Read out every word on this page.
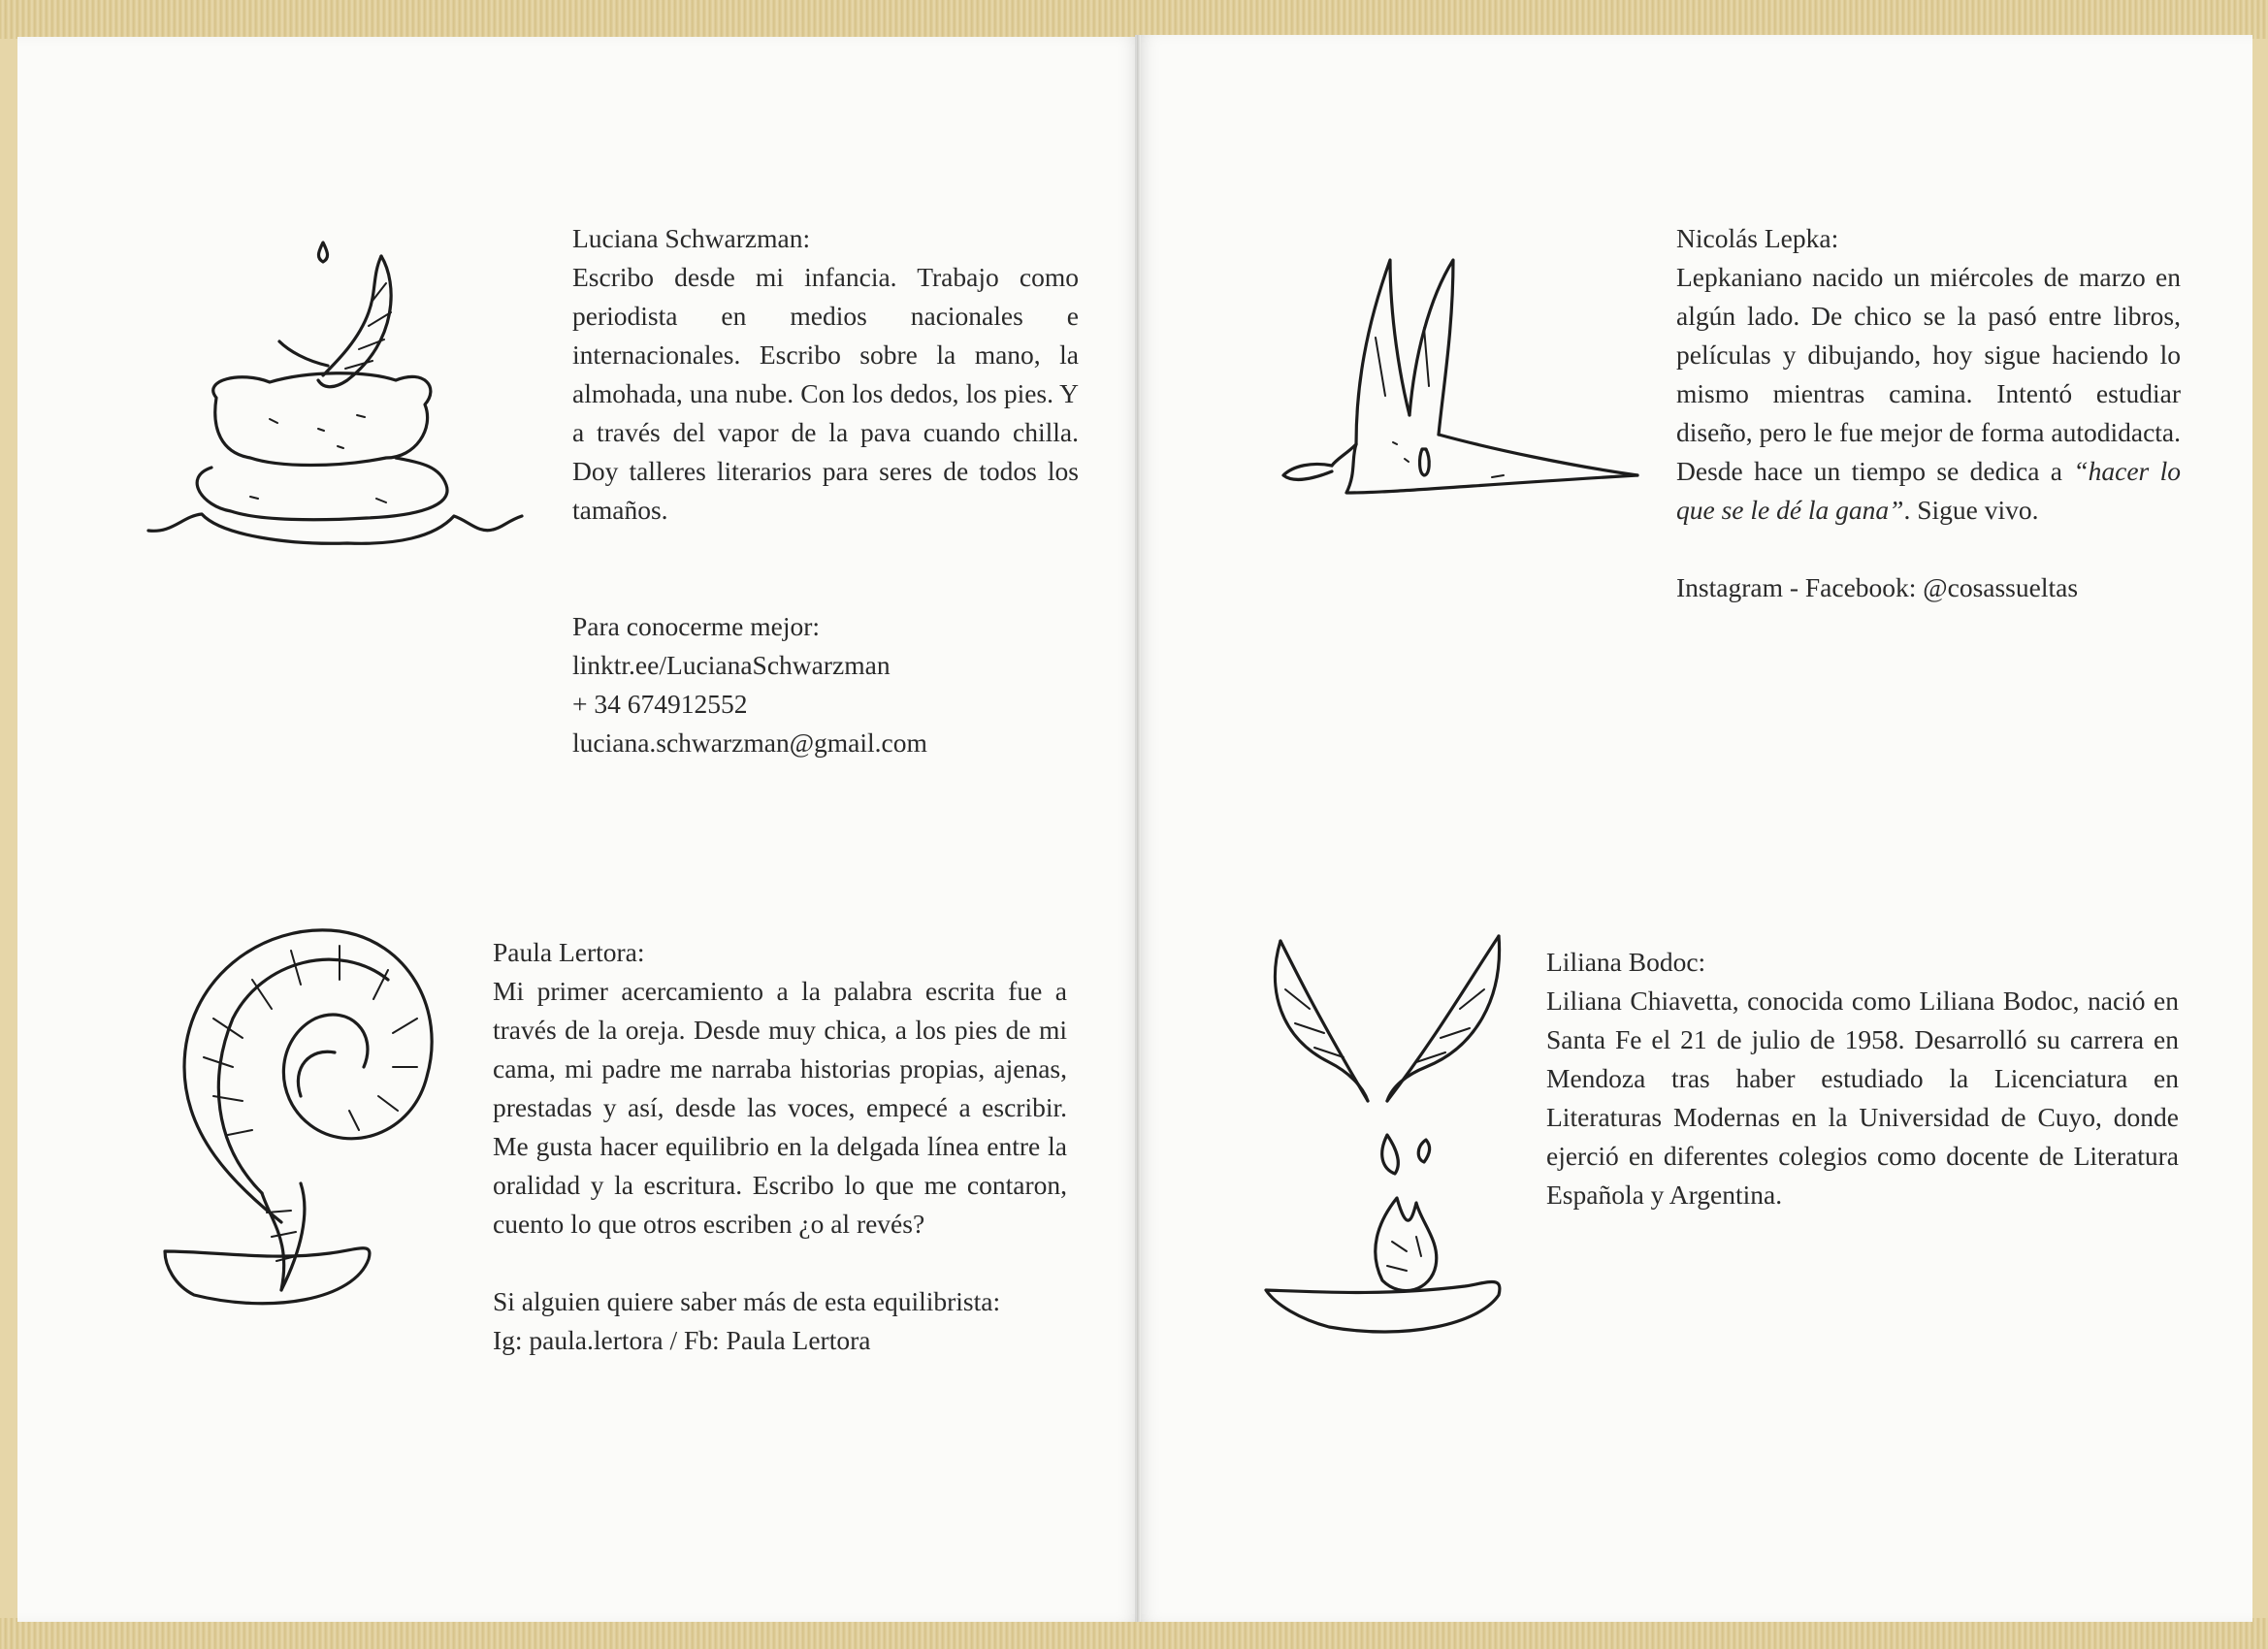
Luciana Schwarzman:

Escribo desde mi infancia. Trabajo como periodista en medios nacionales e internacionales. Escribo sobre la mano, la almohada, una nube. Con los dedos, los pies. Y a través del vapor de la pava cuando chilla. Doy talleres literarios para seres de todos los tamaños.

Para conocerme mejor:
linktr.ee/LucianaSchwarzman
+ 34 674912552
luciana.schwarzman@gmail.com
Paula Lertora:

Mi primer acercamiento a la palabra escrita fue a través de la oreja. Desde muy chica, a los pies de mi cama, mi padre me narraba historias propias, ajenas, prestadas y así, desde las voces, empecé a escribir. Me gusta hacer equilibrio en la delgada línea entre la oralidad y la escritura. Escribo lo que me contaron, cuento lo que otros escriben ¿o al revés?

Si alguien quiere saber más de esta equilibrista:
Ig: paula.lertora / Fb: Paula Lertora
Nicolás Lepka:

Lepkaniano nacido un miércoles de marzo en algún lado. De chico se la pasó entre libros, películas y dibujando, hoy sigue haciendo lo mismo mientras camina. Intentó estudiar diseño, pero le fue mejor de forma autodidacta. Desde hace un tiempo se dedica a “hacer lo que se le dé la gana”. Sigue vivo.

Instagram - Facebook: @cosassueltas
Liliana Bodoc:

Liliana Chiavetta, conocida como Liliana Bodoc, nació en Santa Fe el 21 de julio de 1958. Desarrolló su carrera en Mendoza tras haber estudiado la Licenciatura en Literaturas Modernas en la Universidad de Cuyo, donde ejerció en diferentes colegios como docente de Literatura Española y Argentina.
